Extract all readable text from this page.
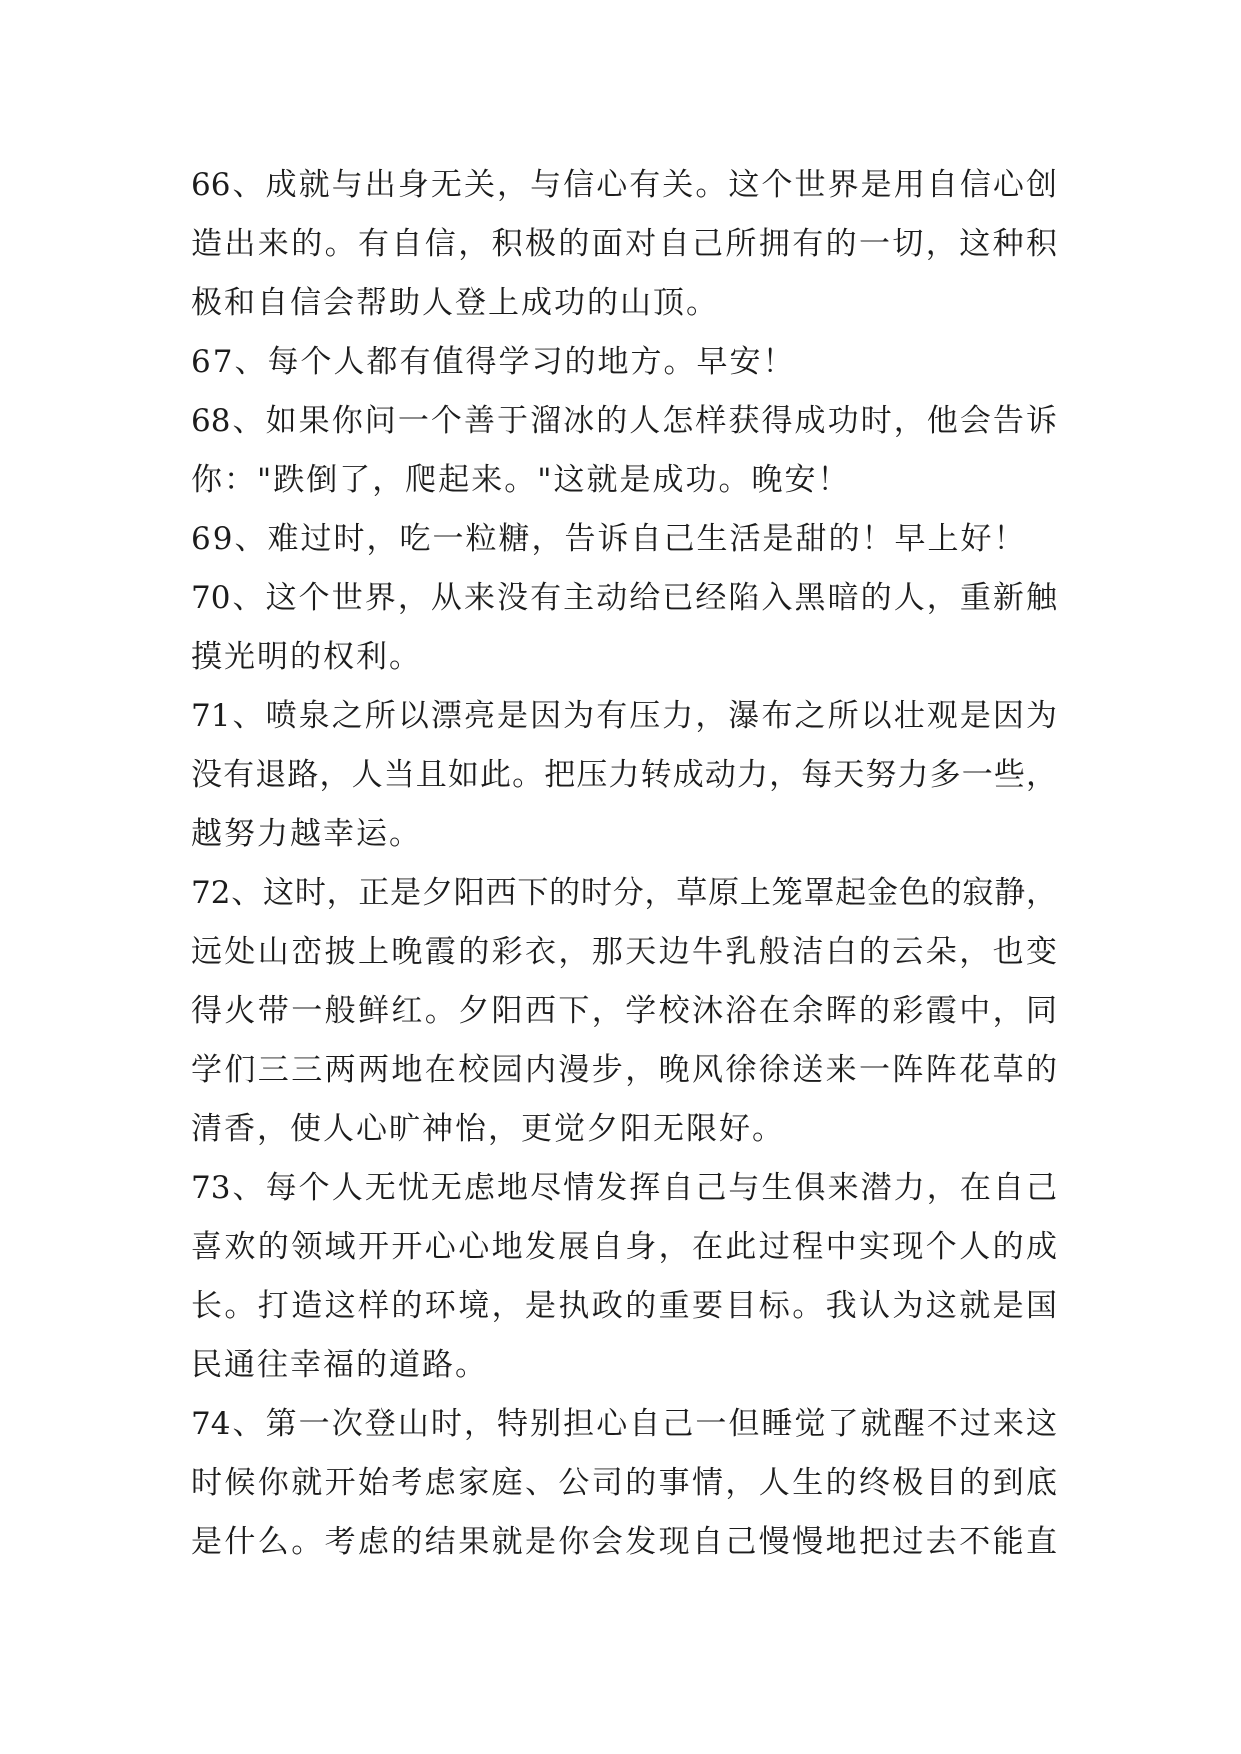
66、成就与出身无关，与信心有关。这个世界是用自信心创
造出来的。有自信，积极的面对自己所拥有的一切，这种积
极和自信会帮助人登上成功的山顶。
67、每个人都有值得学习的地方。早安！
68、如果你问一个善于溜冰的人怎样获得成功时，他会告诉
你："跌倒了，爬起来。"这就是成功。晚安！
69、难过时，吃一粒糖，告诉自己生活是甜的！早上好！
70、这个世界，从来没有主动给已经陷入黑暗的人，重新触
摸光明的权利。
71、喷泉之所以漂亮是因为有压力，瀑布之所以壮观是因为
没有退路，人当且如此。把压力转成动力，每天努力多一些，
越努力越幸运。
72、这时，正是夕阳西下的时分，草原上笼罩起金色的寂静，
远处山峦披上晚霞的彩衣，那天边牛乳般洁白的云朵，也变
得火带一般鲜红。夕阳西下，学校沐浴在余晖的彩霞中，同
学们三三两两地在校园内漫步，晚风徐徐送来一阵阵花草的
清香，使人心旷神怡，更觉夕阳无限好。
73、每个人无忧无虑地尽情发挥自己与生俱来潜力，在自己
喜欢的领域开开心心地发展自身，在此过程中实现个人的成
长。打造这样的环境，是执政的重要目标。我认为这就是国
民通往幸福的道路。
74、第一次登山时，特别担心自己一但睡觉了就醒不过来这
时候你就开始考虑家庭、公司的事情，人生的终极目的到底
是什么。考虑的结果就是你会发现自己慢慢地把过去不能直
